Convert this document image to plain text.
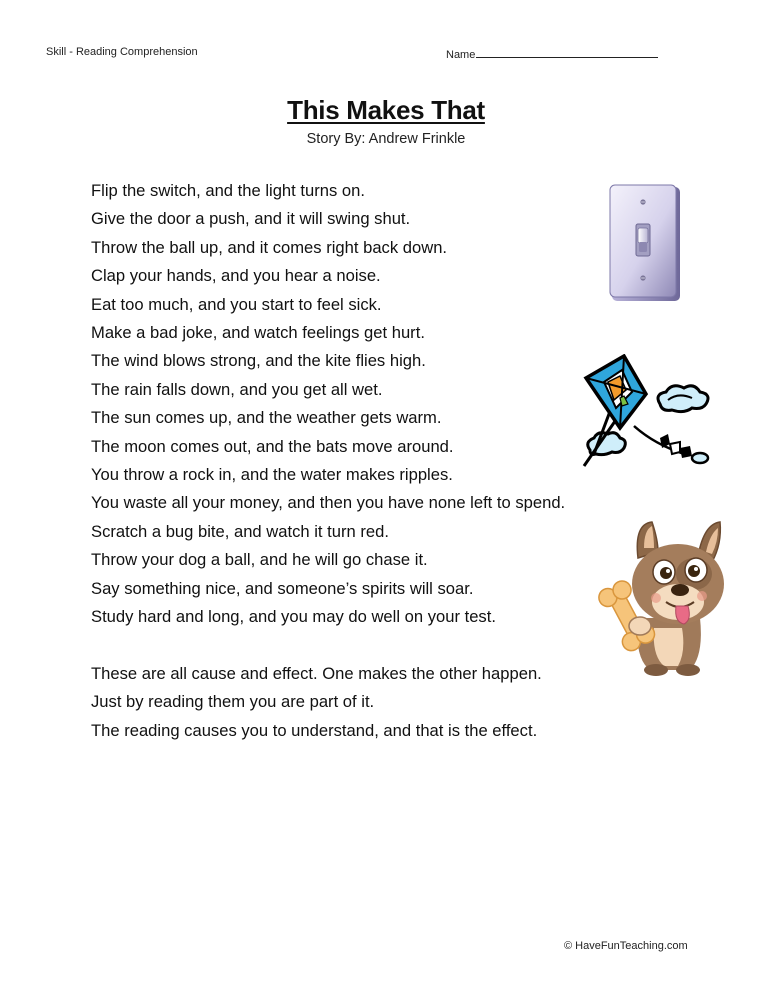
Skill - Reading Comprehension	Name
This Makes That
Story By: Andrew Frinkle
Flip the switch, and the light turns on.
Give the door a push, and it will swing shut.
Throw the ball up, and it comes right back down.
Clap your hands, and you hear a noise.
Eat too much, and you start to feel sick.
Make a bad joke, and watch feelings get hurt.
The wind blows strong, and the kite flies high.
The rain falls down, and you get all wet.
The sun comes up, and the weather gets warm.
The moon comes out, and the bats move around.
You throw a rock in, and the water makes ripples.
You waste all your money, and then you have none left to spend.
Scratch a bug bite, and watch it turn red.
Throw your dog a ball, and he will go chase it.
Say something nice, and someone’s spirits will soar.
Study hard and long, and you may do well on your test.
These are all cause and effect. One makes the other happen.
Just by reading them you are part of it.
The reading causes you to understand, and that is the effect.
© HaveFunTeaching.com
